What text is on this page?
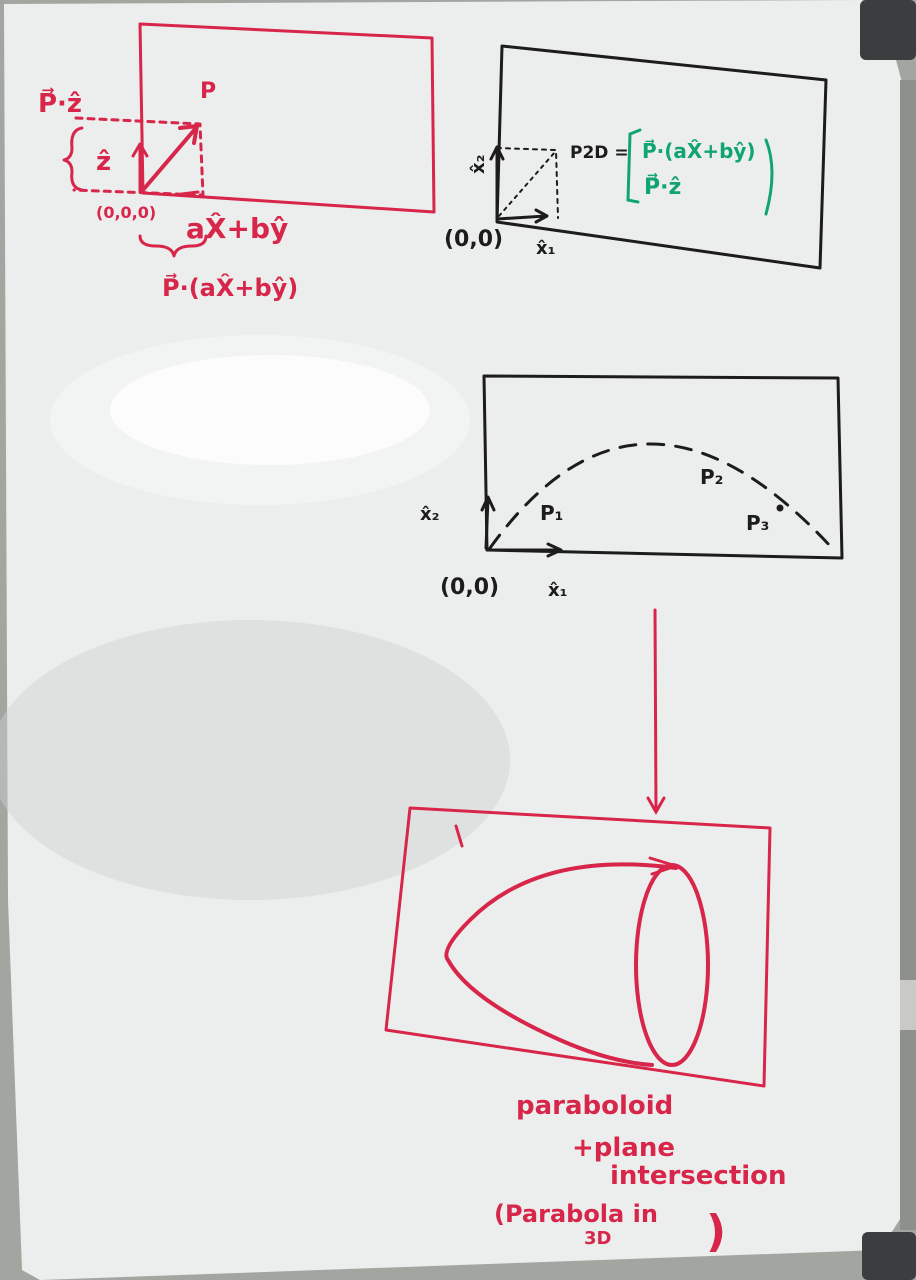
P⃗·ẑ	P
ẑ
(0,0,0) aX̂+bŷ
P⃗·(aX̂+bŷ)
x̂₂
P2D = P⃗·(aX̂+bŷ)
P⃗·ẑ
(0,0) x̂₁
x̂₂	P₁
P₂
P₃
(0,0)	x̂₁
paraboloid
+plane
intersection
(Parabola in
3D )
